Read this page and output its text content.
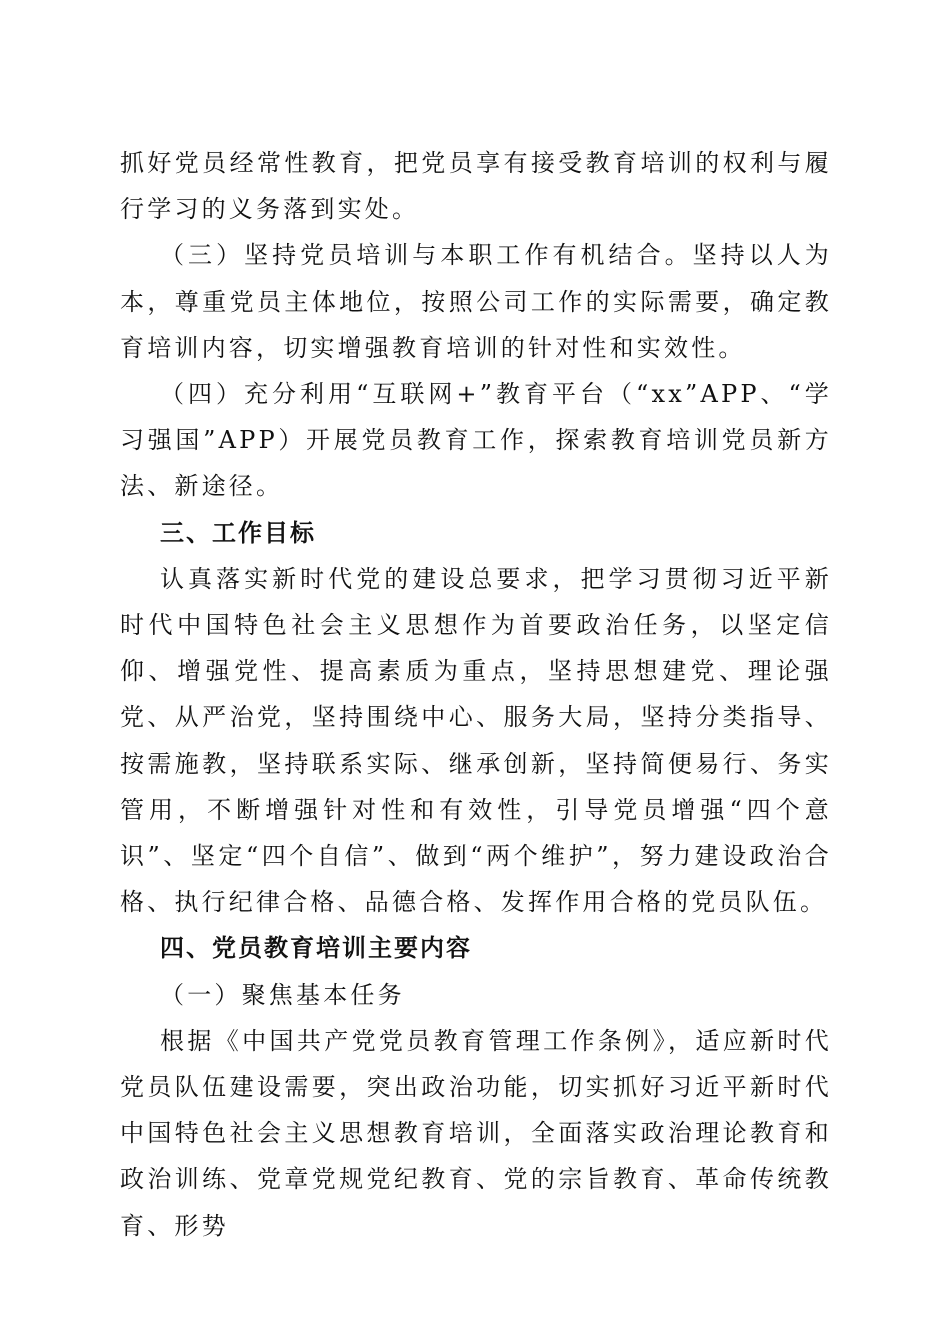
抓好党员经常性教育，把党员享有接受教育培训的权利与履行学习的义务落到实处。

（三）坚持党员培训与本职工作有机结合。坚持以人为本，尊重党员主体地位，按照公司工作的实际需要，确定教育培训内容，切实增强教育培训的针对性和实效性。

（四）充分利用“互联网+”教育平台（“xx”APP、“学习强国”APP）开展党员教育工作，探索教育培训党员新方法、新途径。

三、工作目标

认真落实新时代党的建设总要求，把学习贯彻习近平新时代中国特色社会主义思想作为首要政治任务，以坚定信仰、增强党性、提高素质为重点，坚持思想建党、理论强党、从严治党，坚持围绕中心、服务大局，坚持分类指导、按需施教，坚持联系实际、继承创新，坚持简便易行、务实管用，不断增强针对性和有效性，引导党员增强“四个意识”、坚定“四个自信”、做到“两个维护”，努力建设政治合格、执行纪律合格、品德合格、发挥作用合格的党员队伍。

四、党员教育培训主要内容

（一）聚焦基本任务

根据《中国共产党党员教育管理工作条例》，适应新时代党员队伍建设需要，突出政治功能，切实抓好习近平新时代中国特色社会主义思想教育培训，全面落实政治理论教育和政治训练、党章党规党纪教育、党的宗旨教育、革命传统教育、形势
